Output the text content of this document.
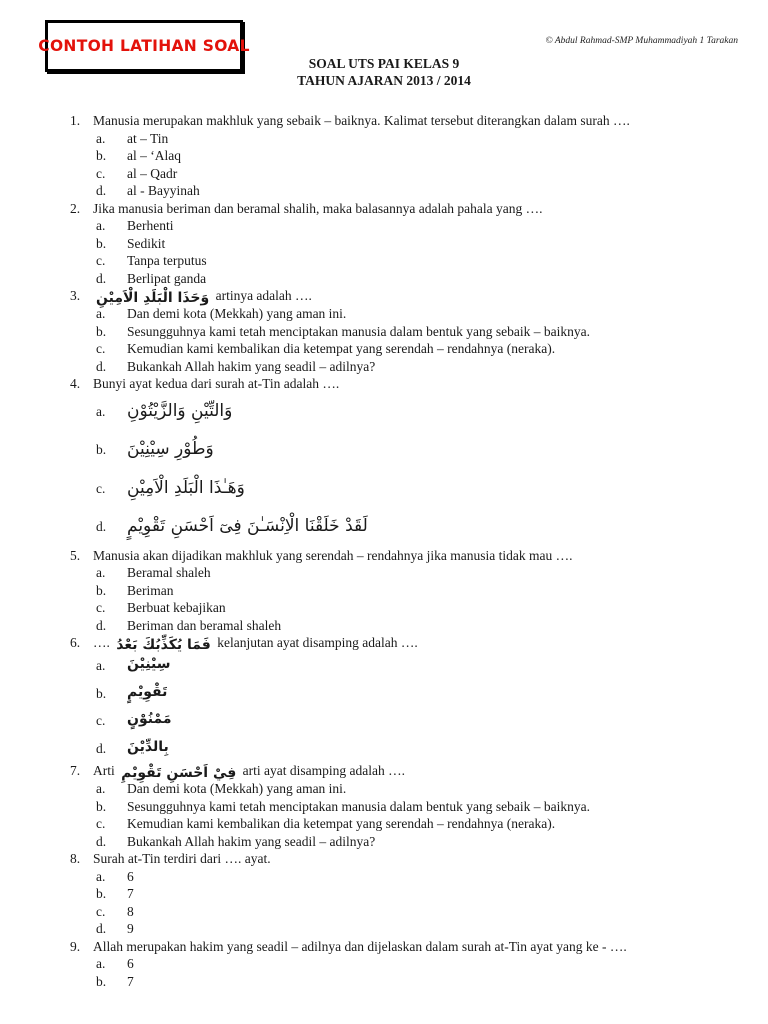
CONTOH LATIHAN SOAL	© Abdul Rahmad-SMP Muhammadiyah 1 Tarakan
SOAL UTS PAI KELAS 9
TAHUN AJARAN 2013 / 2014
1. Manusia merupakan makhluk yang sebaik – baiknya. Kalimat tersebut diterangkan dalam surah ….
a.	at – Tin
b.	al – ‘Alaq
c.	al – Qadr
d.	al - Bayyinah
2. Jika manusia beriman dan beramal shalih, maka balasannya adalah pahala yang ….
a.	Berhenti
b.	Sedikit
c.	Tanpa terputus
d.	Berlipat ganda
3.	وَحَذَا الْبَلَدِ الْاَمِيْنِ artinya adalah ….
a.	Dan demi kota (Mekkah) yang aman ini.
b.	Sesungguhnya kami tetah menciptakan manusia dalam bentuk yang sebaik – baiknya.
c.	Kemudian kami kembalikan dia ketempat yang serendah – rendahnya (neraka).
d.	Bukankah Allah hakim yang seadil – adilnya?
4. Bunyi ayat kedua dari surah at-Tin adalah ….
a.	وَالتِّيْنِ وَالزَّيْتُوْنِ
b.	وَطُوْرِ سِيْنِيْنَ
c.	وَهَـٰذَا الْبَلَدِ الْاَمِيْنِ
d.	لَقَدْ خَلَقْنَا الْاِنْسَـٰنَ فِىٓ اَحْسَنِ تَقْوِيْمٍ
5. Manusia akan dijadikan makhluk yang serendah – rendahnya jika manusia tidak mau ….
a.	Beramal shaleh
b.	Beriman
c.	Berbuat kebajikan
d.	Beriman dan beramal shaleh
6. …. فَمَا يُكَذِّبُكَ بَعْدُ kelanjutan ayat disamping adalah ….
a.	سِيْنِيْنَ
b.	تَقْوِيْمٍ
c.	مَمْنُوْنٍ
d.	بِالدِّيْنَ
7. Arti فِيْ اَحْسَنِ تَقْوِيْمِ arti ayat disamping adalah ….
a.	Dan demi kota (Mekkah) yang aman ini.
b.	Sesungguhnya kami tetah menciptakan manusia dalam bentuk yang sebaik – baiknya.
c.	Kemudian kami kembalikan dia ketempat yang serendah – rendahnya (neraka).
d.	Bukankah Allah hakim yang seadil – adilnya?
8. Surah at-Tin terdiri dari …. ayat.
a.	6
b.	7
c.	8
d.	9
9. Allah merupakan hakim yang seadil – adilnya dan dijelaskan dalam surah at-Tin ayat yang ke - ….
a.	6
b.	7
